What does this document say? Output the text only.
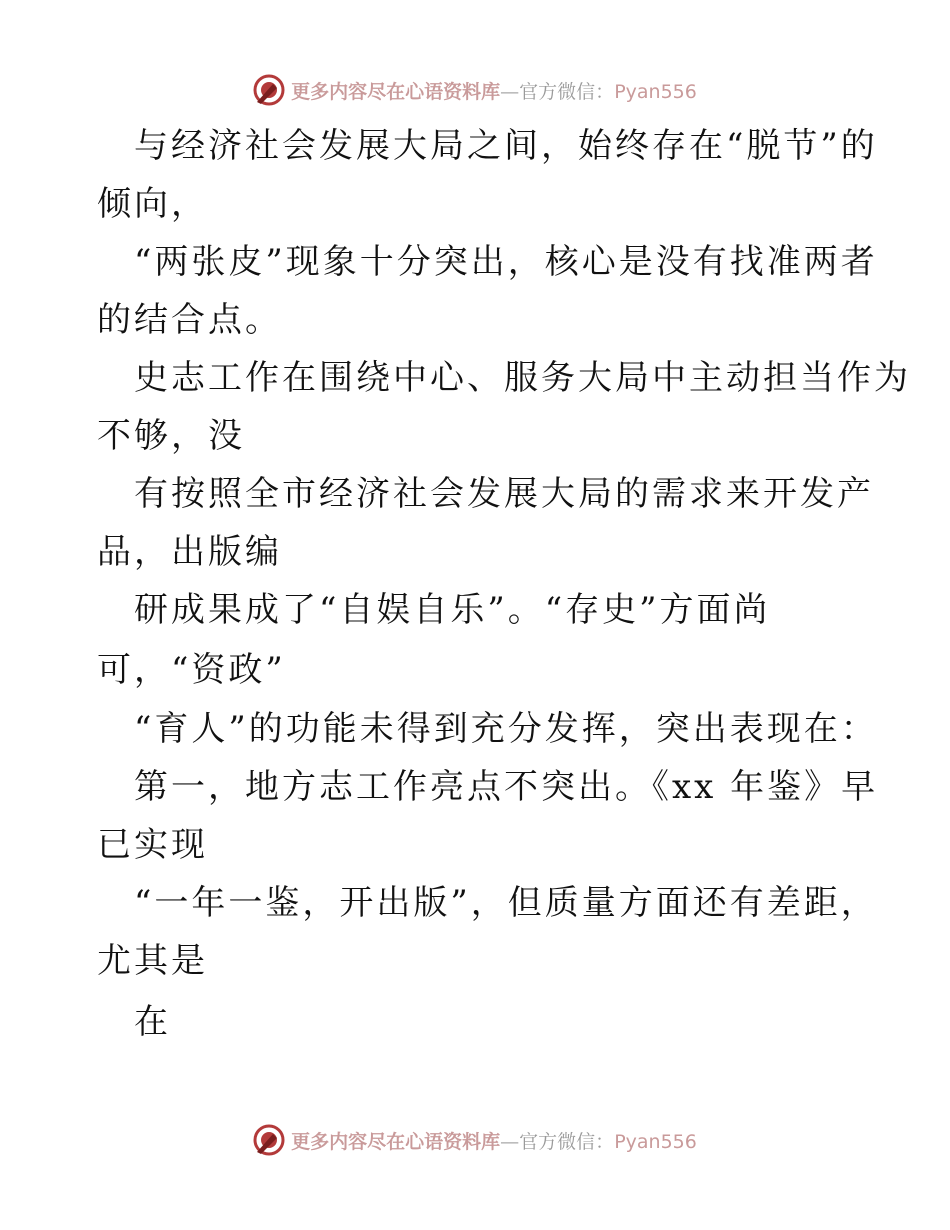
更多内容尽在心语资料库—官方微信：Pyan556
　与经济社会发展大局之间，始终存在“脱节”的
倾向，
　“两张皮”现象十分突出，核心是没有找准两者
的结合点。
　史志工作在围绕中心、服务大局中主动担当作为
不够，没
　有按照全市经济社会发展大局的需求来开发产
品，出版编
　研成果成了“自娱自乐”。“存史”方面尚
可，“资政”
　“育人”的功能未得到充分发挥，突出表现在：
　第一，地方志工作亮点不突出。《xx 年鉴》早
已实现
　“一年一鉴，开出版”，但质量方面还有差距，
尤其是
　在
更多内容尽在心语资料库—官方微信：Pyan556
